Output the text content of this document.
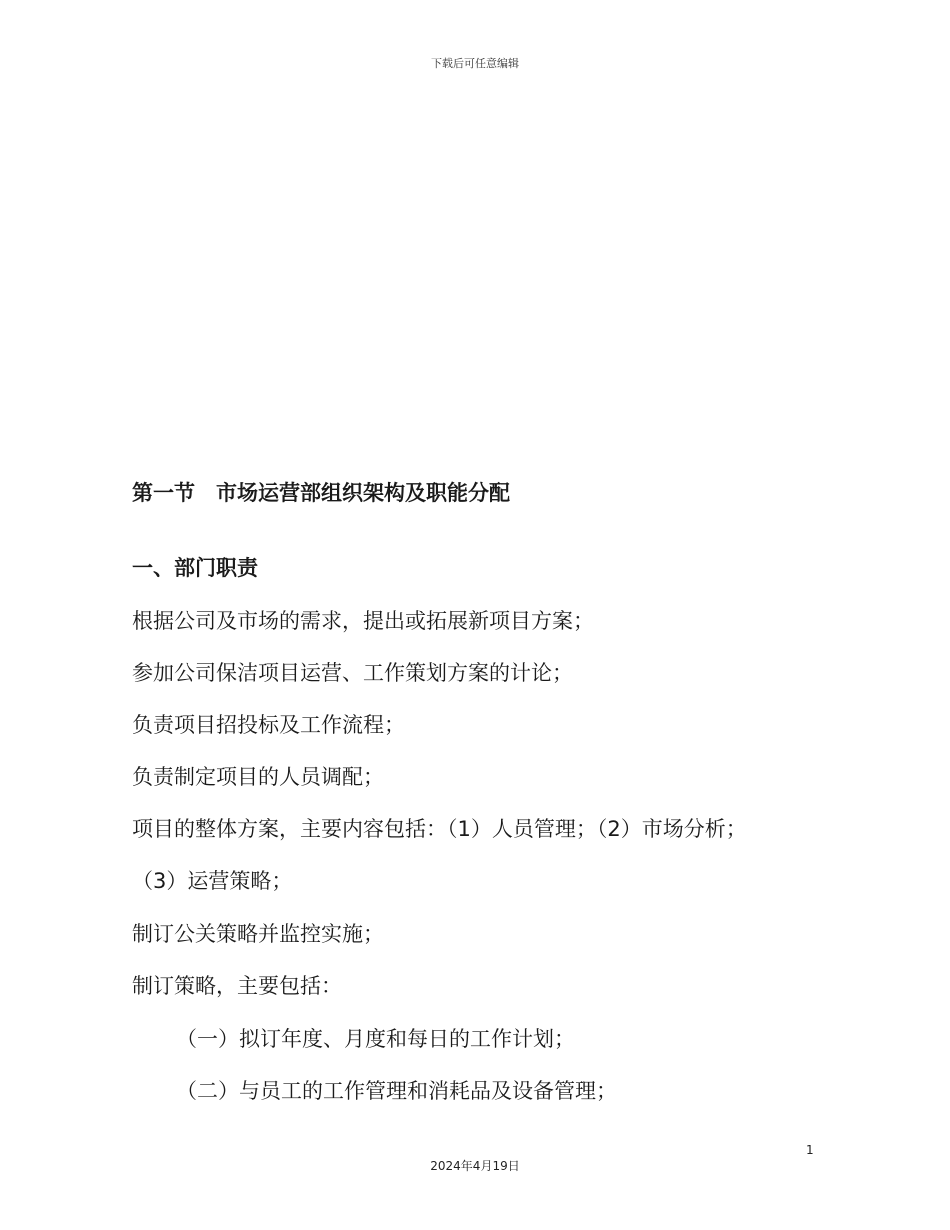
下载后可任意编辑
第一节　市场运营部组织架构及职能分配
一、部门职责
根据公司及市场的需求，提出或拓展新项目方案；
参加公司保洁项目运营、工作策划方案的计论；
负责项目招投标及工作流程；
负责制定项目的人员调配；
项目的整体方案，主要内容包括：（1）人员管理；（2）市场分析；
（3）运营策略；
制订公关策略并监控实施；
制订策略，主要包括：
（一）拟订年度、月度和每日的工作计划；
（二）与员工的工作管理和消耗品及设备管理；
1
2024年4月19日
